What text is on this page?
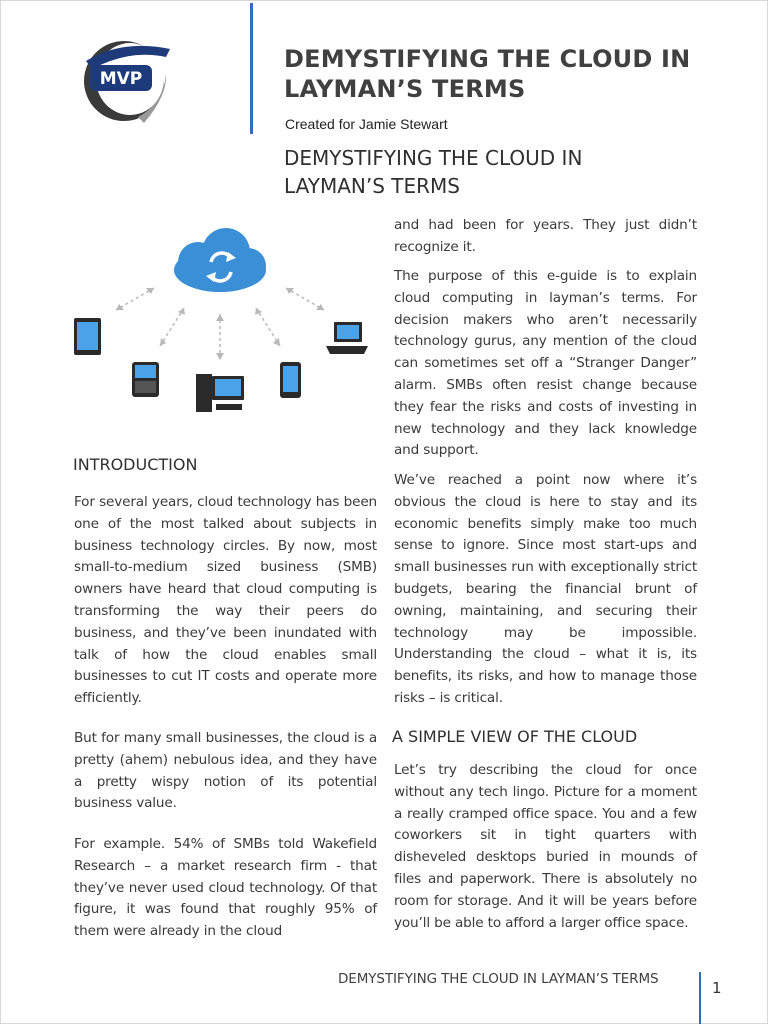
MVP
DEMYSTIFYING THE CLOUD IN LAYMAN’S TERMS
Created for Jamie Stewart
DEMYSTIFYING THE CLOUD IN LAYMAN’S TERMS
INTRODUCTION

For several years, cloud technology has been one of the most talked about subjects in business technology circles. By now, most small-to-medium sized business (SMB) owners have heard that cloud computing is transforming the way their peers do business, and they’ve been inundated with talk of how the cloud enables small businesses to cut IT costs and operate more efficiently.

But for many small businesses, the cloud is a pretty (ahem) nebulous idea, and they have a pretty wispy notion of its potential business value.

For example. 54% of SMBs told Wakefield Research – a market research firm - that they’ve never used cloud technology. Of that figure, it was found that roughly 95% of them were already in the cloud

and had been for years. They just didn’t recognize it.

The purpose of this e-guide is to explain cloud computing in layman’s terms. For decision makers who aren’t necessarily technology gurus, any mention of the cloud can sometimes set off a “Stranger Danger” alarm. SMBs often resist change because they fear the risks and costs of investing in new technology and they lack knowledge and support.

We’ve reached a point now where it’s obvious the cloud is here to stay and its economic benefits simply make too much sense to ignore. Since most start-ups and small businesses run with exceptionally strict budgets, bearing the financial brunt of owning, maintaining, and securing their technology may be impossible. Understanding the cloud – what it is, its benefits, its risks, and how to manage those risks – is critical.

A SIMPLE VIEW OF THE CLOUD

Let’s try describing the cloud for once without any tech lingo. Picture for a moment a really cramped office space. You and a few coworkers sit in tight quarters with disheveled desktops buried in mounds of files and paperwork. There is absolutely no room for storage. And it will be years before you’ll be able to afford a larger office space.

DEMYSTIFYING THE CLOUD IN LAYMAN’S TERMS	1
